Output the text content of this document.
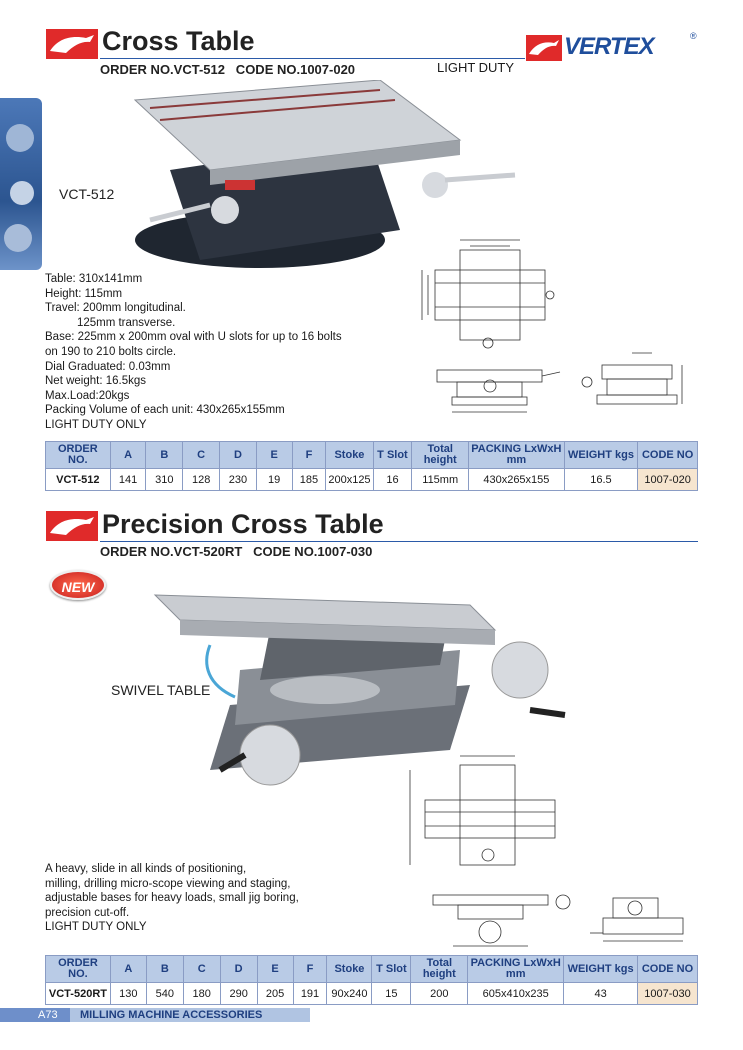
Cross Table
ORDER NO.VCT-512   CODE NO.1007-020	LIGHT DUTY
VERTEX	®
VCT-512
Table: 310x141mm
Height: 115mm
Travel: 200mm longitudinal.
125mm transverse.
Base: 225mm x 200mm oval with U slots for up to 16 bolts
on 190 to 210 bolts circle.
Dial Graduated: 0.03mm
Net weight: 16.5kgs
Max.Load:20kgs
Packing Volume of each unit: 430x265x155mm
LIGHT DUTY ONLY
ORDER NO.	A	B	C	D	E	F	Stoke	T Slot	Total height	PACKING LxWxH mm	WEIGHT kgs	CODE NO
VCT-512	141	310	128	230	19	185	200x125	16	115mm	430x265x155	16.5	1007-020
Precision Cross Table
ORDER NO.VCT-520RT   CODE NO.1007-030
NEW
SWIVEL TABLE
A heavy, slide in all kinds of positioning,
milling, drilling micro-scope viewing and staging,
adjustable bases for heavy loads, small jig boring,
precision cut-off.
LIGHT DUTY ONLY
ORDER NO.	A	B	C	D	E	F	Stoke	T Slot	Total height	PACKING LxWxH mm	WEIGHT kgs	CODE NO
VCT-520RT	130	540	180	290	205	191	90x240	15	200	605x410x235	43	1007-030
A73	MILLING MACHINE ACCESSORIES
